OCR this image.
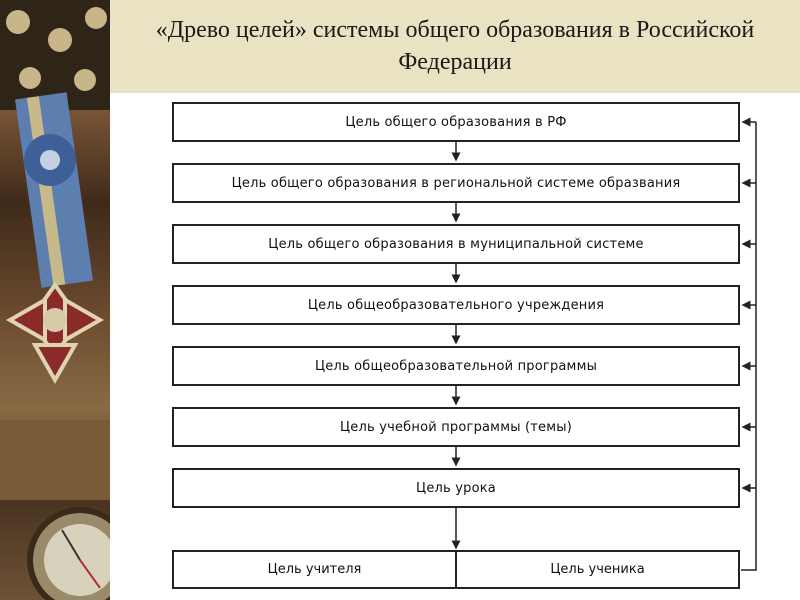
«Древо целей» системы общего образования в Российской Федерации
Цель общего образования в РФ
Цель общего образования в региональной системе образвания
Цель общего образования в муниципальной системе
Цель общеобразовательного учреждения
Цель общеобразовательной программы
Цель учебной программы (темы)
Цель урока
Цель учителя	Цель ученика
